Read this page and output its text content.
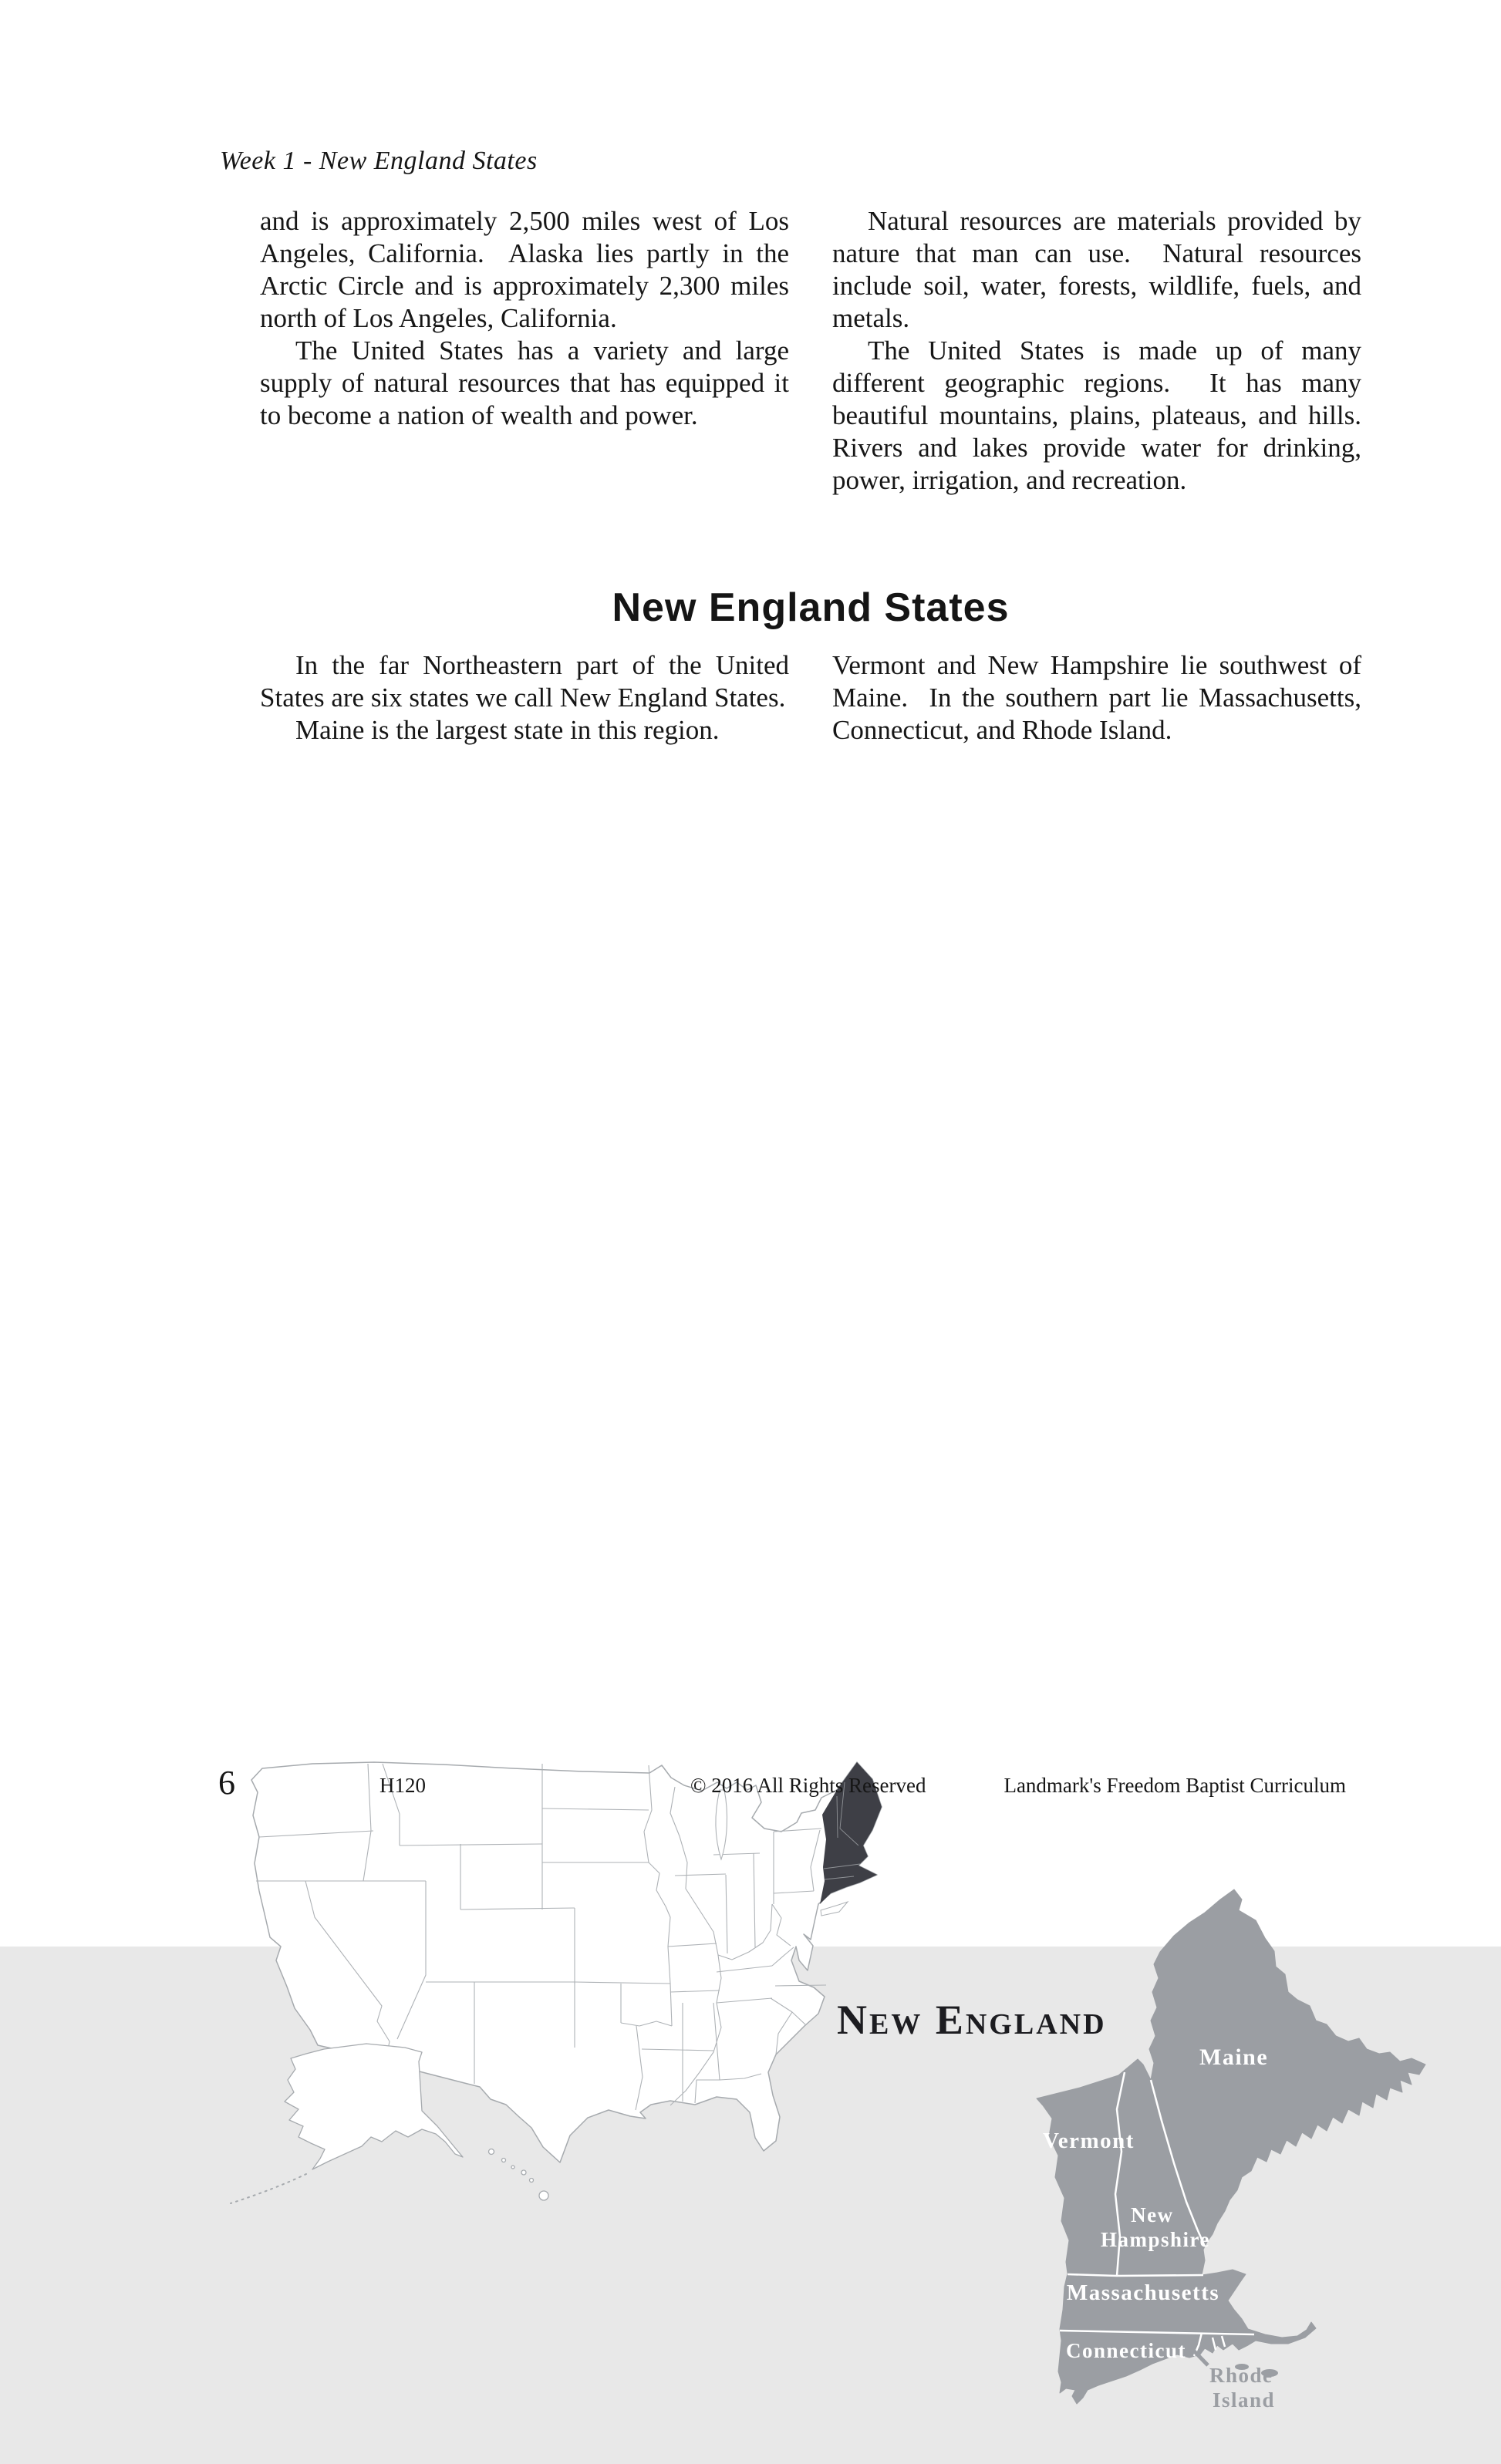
Week 1 - New England States

and is approximately 2,500 miles west of Los Angeles, California.  Alaska lies partly in the Arctic Circle and is approximately 2,300 miles north of Los Angeles, California.

The United States has a variety and large supply of natural resources that has equipped it to become a nation of wealth and power.

Natural resources are materials provided by nature that man can use.  Natural resources include soil, water, forests, wildlife, fuels, and metals.

The United States is made up of many different geographic regions.  It has many beautiful mountains, plains, plateaus, and hills.  Rivers and lakes provide water for drinking, power, irrigation, and recreation.

New England States

In the far Northeastern part of the United States are six states we call New England States.

Maine is the largest state in this region.

Vermont and New Hampshire lie southwest of Maine.  In the southern part lie Massachusetts, Connecticut, and Rhode Island.

New England
Maine
Vermont
New Hampshire
Massachusetts
Connecticut
Rhode Island
6	H120	© 2016 All Rights Reserved	Landmark's Freedom Baptist Curriculum
